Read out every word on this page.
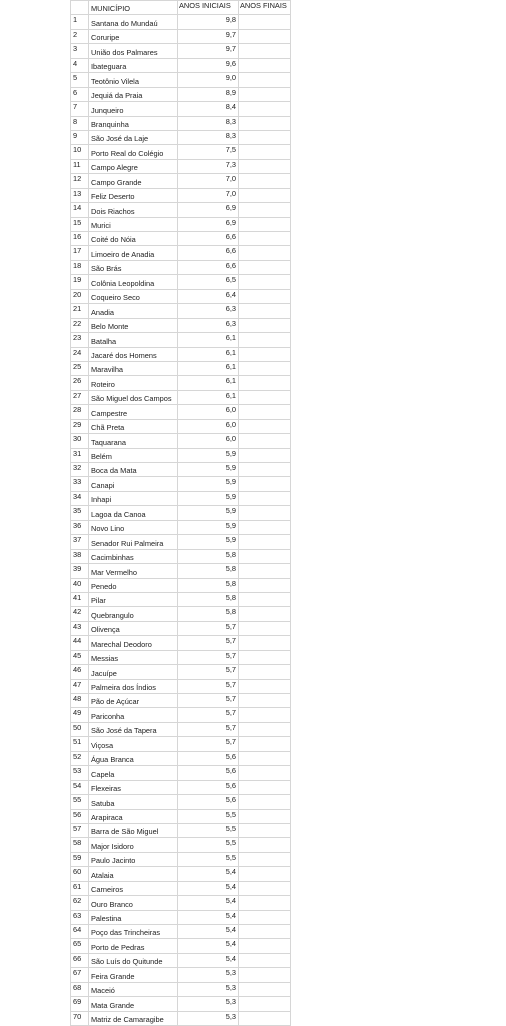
	MUNICÍPIO	ANOS INICIAIS	ANOS FINAIS
1	Santana do Mundaú	9,8	
2	Coruripe	9,7	
3	União dos Palmares	9,7	
4	Ibateguara	9,6	
5	Teotônio Vilela	9,0	
6	Jequiá da Praia	8,9	
7	Junqueiro	8,4	
8	Branquinha	8,3	
9	São José da Laje	8,3	
10	Porto Real do Colégio	7,5	
11	Campo Alegre	7,3	
12	Campo Grande	7,0	
13	Feliz Deserto	7,0	
14	Dois Riachos	6,9	
15	Murici	6,9	
16	Coité do Nóia	6,6	
17	Limoeiro de Anadia	6,6	
18	São Brás	6,6	
19	Colônia Leopoldina	6,5	
20	Coqueiro Seco	6,4	
21	Anadia	6,3	
22	Belo Monte	6,3	
23	Batalha	6,1	
24	Jacaré dos Homens	6,1	
25	Maravilha	6,1	
26	Roteiro	6,1	
27	São Miguel dos Campos	6,1	
28	Campestre	6,0	
29	Chã Preta	6,0	
30	Taquarana	6,0	
31	Belém	5,9	
32	Boca da Mata	5,9	
33	Canapi	5,9	
34	Inhapi	5,9	
35	Lagoa da Canoa	5,9	
36	Novo Lino	5,9	
37	Senador Rui Palmeira	5,9	
38	Cacimbinhas	5,8	
39	Mar Vermelho	5,8	
40	Penedo	5,8	
41	Pilar	5,8	
42	Quebrangulo	5,8	
43	Olivença	5,7	
44	Marechal Deodoro	5,7	
45	Messias	5,7	
46	Jacuípe	5,7	
47	Palmeira dos Índios	5,7	
48	Pão de Açúcar	5,7	
49	Pariconha	5,7	
50	São José da Tapera	5,7	
51	Viçosa	5,7	
52	Água Branca	5,6	
53	Capela	5,6	
54	Flexeiras	5,6	
55	Satuba	5,6	
56	Arapiraca	5,5	
57	Barra de São Miguel	5,5	
58	Major Isidoro	5,5	
59	Paulo Jacinto	5,5	
60	Atalaia	5,4	
61	Carneiros	5,4	
62	Ouro Branco	5,4	
63	Palestina	5,4	
64	Poço das Trincheiras	5,4	
65	Porto de Pedras	5,4	
66	São Luís do Quitunde	5,4	
67	Feira Grande	5,3	
68	Maceió	5,3	
69	Mata Grande	5,3	
70	Matriz de Camaragibe	5,3	
